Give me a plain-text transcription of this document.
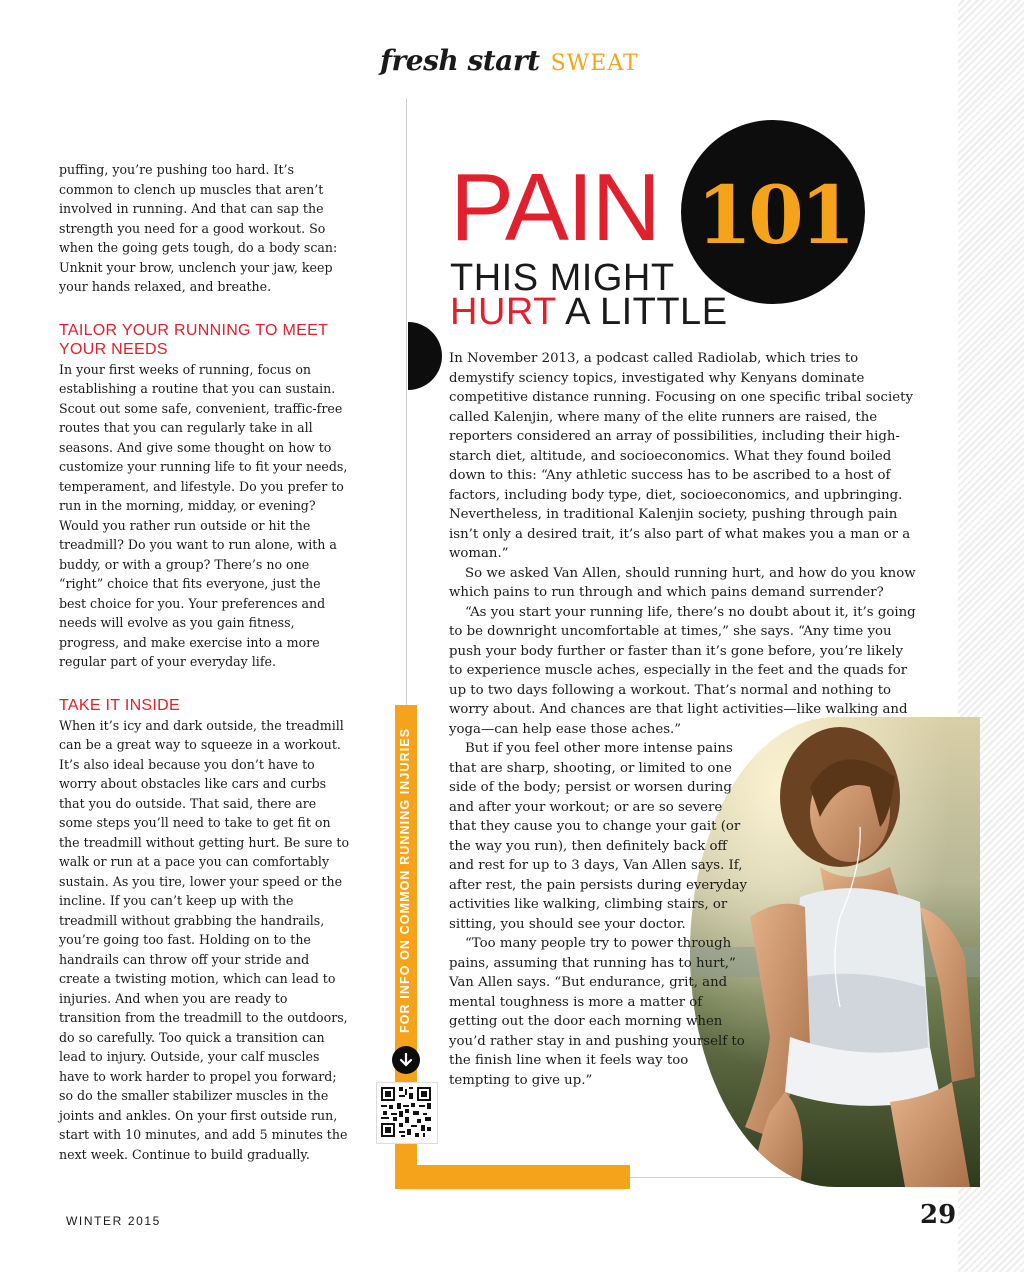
fresh start SWEAT

puffing, you’re pushing too hard. It’s common to clench up muscles that aren’t involved in running. And that can sap the strength you need for a good workout. So when the going gets tough, do a body scan: Unknit your brow, unclench your jaw, keep your hands relaxed, and breathe.

TAILOR YOUR RUNNING TO MEET YOUR NEEDS

In your first weeks of running, focus on establishing a routine that you can sustain. Scout out some safe, convenient, traffic-free routes that you can regularly take in all seasons. And give some thought on how to customize your running life to fit your needs, temperament, and lifestyle. Do you prefer to run in the morning, midday, or evening? Would you rather run outside or hit the treadmill? Do you want to run alone, with a buddy, or with a group? There’s no one “right” choice that fits everyone, just the best choice for you. Your preferences and needs will evolve as you gain fitness, progress, and make exercise into a more regular part of your everyday life.

TAKE IT INSIDE

When it’s icy and dark outside, the treadmill can be a great way to squeeze in a workout. It’s also ideal because you don’t have to worry about obstacles like cars and curbs that you do outside. That said, there are some steps you’ll need to take to get fit on the treadmill without getting hurt. Be sure to walk or run at a pace you can comfortably sustain. As you tire, lower your speed or the incline. If you can’t keep up with the treadmill without grabbing the handrails, you’re going too fast. Holding on to the handrails can throw off your stride and create a twisting motion, which can lead to injuries. And when you are ready to transition from the treadmill to the outdoors, do so carefully. Too quick a transition can lead to injury. Outside, your calf muscles have to work harder to propel you forward; so do the smaller stabilizer muscles in the joints and ankles. On your first outside run, start with 10 minutes, and add 5 minutes the next week. Continue to build gradually.

PAIN 101
THIS MIGHT
HURT A LITTLE

In November 2013, a podcast called Radiolab, which tries to demystify sciency topics, investigated why Kenyans dominate competitive distance running. Focusing on one specific tribal society called Kalenjin, where many of the elite runners are raised, the reporters considered an array of possibilities, including their high-starch diet, altitude, and socioeconomics. What they found boiled down to this: “Any athletic success has to be ascribed to a host of factors, including body type, diet, socioeconomics, and upbringing. Nevertheless, in traditional Kalenjin society, pushing through pain isn’t only a desired trait, it’s also part of what makes you a man or a woman.”

So we asked Van Allen, should running hurt, and how do you know which pains to run through and which pains demand surrender?

“As you start your running life, there’s no doubt about it, it’s going to be downright uncomfortable at times,” she says. “Any time you push your body further or faster than it’s gone before, you’re likely to experience muscle aches, especially in the feet and the quads for up to two days following a workout. That’s normal and nothing to worry about. And chances are that light activities—like walking and yoga—can help ease those aches.”

But if you feel other more intense pains that are sharp, shooting, or limited to one side of the body; persist or worsen during and after your workout; or are so severe that they cause you to change your gait (or the way you run), then definitely back off and rest for up to 3 days, Van Allen says. If, after rest, the pain persists during everyday activities like walking, climbing stairs, or sitting, you should see your doctor.

“Too many people try to power through pains, assuming that running has to hurt,” Van Allen says. “But endurance, grit, and mental toughness is more a matter of getting out the door each morning when you’d rather stay in and pushing yourself to the finish line when it feels way too tempting to give up.”

FOR INFO ON COMMON RUNNING INJURIES
WINTER 2015	29
